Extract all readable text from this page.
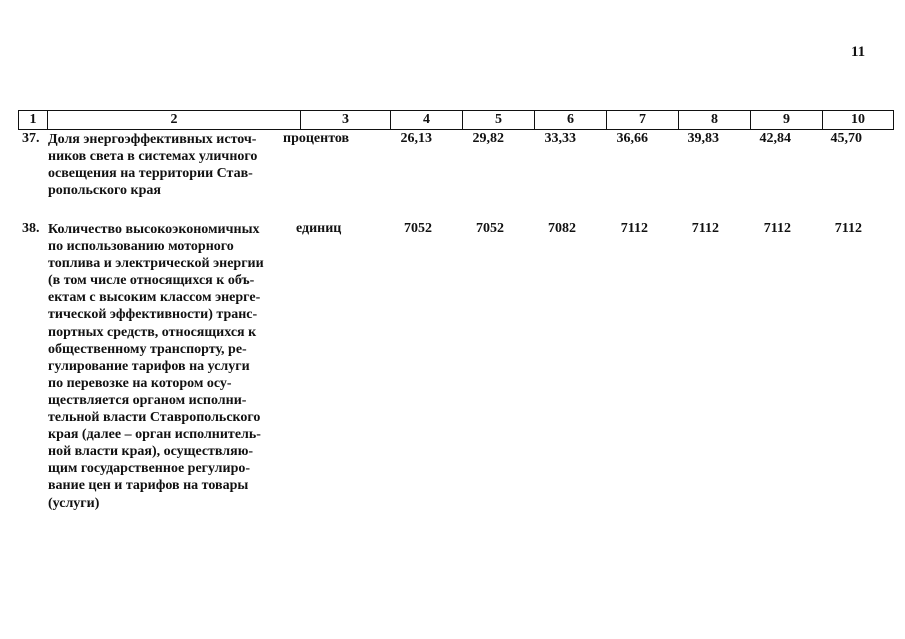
11
1	2	3	4	5	6	7	8	9	10
37. Доля энергоэффективных источ-
ников света в системах уличного
освещения на территории Став-
ропольского края
процентов	26,13	29,82	33,33	36,66	39,83	42,84	45,70
38. Количество высокоэкономичных
по использованию моторного
топлива и электрической энергии
(в том числе относящихся к объ-
ектам с высоким классом энерге-
тической эффективности) транс-
портных средств, относящихся к
общественному транспорту, ре-
гулирование тарифов на услуги
по перевозке на котором осу-
ществляется органом исполни-
тельной власти Ставропольского
края (далее – орган исполнитель-
ной власти края), осуществляю-
щим государственное регулиро-
вание цен и тарифов на товары
(услуги)
единиц	7052	7052	7082	7112	7112	7112	7112
